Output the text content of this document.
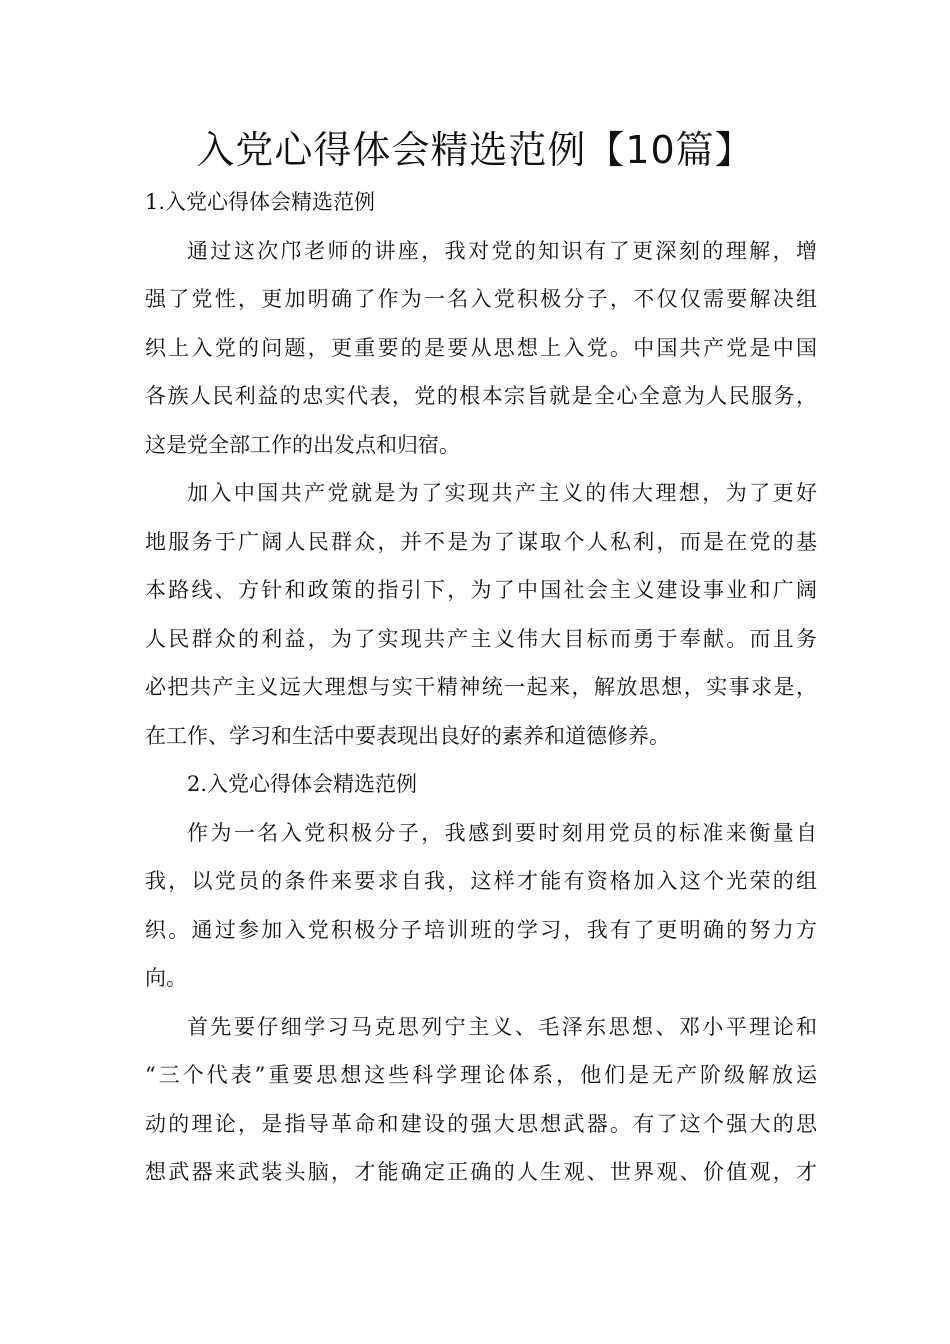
入党心得体会精选范例【10篇】
1.入党心得体会精选范例
通过这次邝老师的讲座，我对党的知识有了更深刻的理解，增
强了党性，更加明确了作为一名入党积极分子，不仅仅需要解决组
织上入党的问题，更重要的是要从思想上入党。中国共产党是中国
各族人民利益的忠实代表，党的根本宗旨就是全心全意为人民服务，
这是党全部工作的出发点和归宿。
加入中国共产党就是为了实现共产主义的伟大理想，为了更好
地服务于广阔人民群众，并不是为了谋取个人私利，而是在党的基
本路线、方针和政策的指引下，为了中国社会主义建设事业和广阔
人民群众的利益，为了实现共产主义伟大目标而勇于奉献。而且务
必把共产主义远大理想与实干精神统一起来，解放思想，实事求是，
在工作、学习和生活中要表现出良好的素养和道德修养。
2.入党心得体会精选范例
作为一名入党积极分子，我感到要时刻用党员的标准来衡量自
我，以党员的条件来要求自我，这样才能有资格加入这个光荣的组
织。通过参加入党积极分子培训班的学习，我有了更明确的努力方
向。
首先要仔细学习马克思列宁主义、毛泽东思想、邓小平理论和
“三个代表”重要思想这些科学理论体系，他们是无产阶级解放运
动的理论，是指导革命和建设的强大思想武器。有了这个强大的思
想武器来武装头脑，才能确定正确的人生观、世界观、价值观，才
